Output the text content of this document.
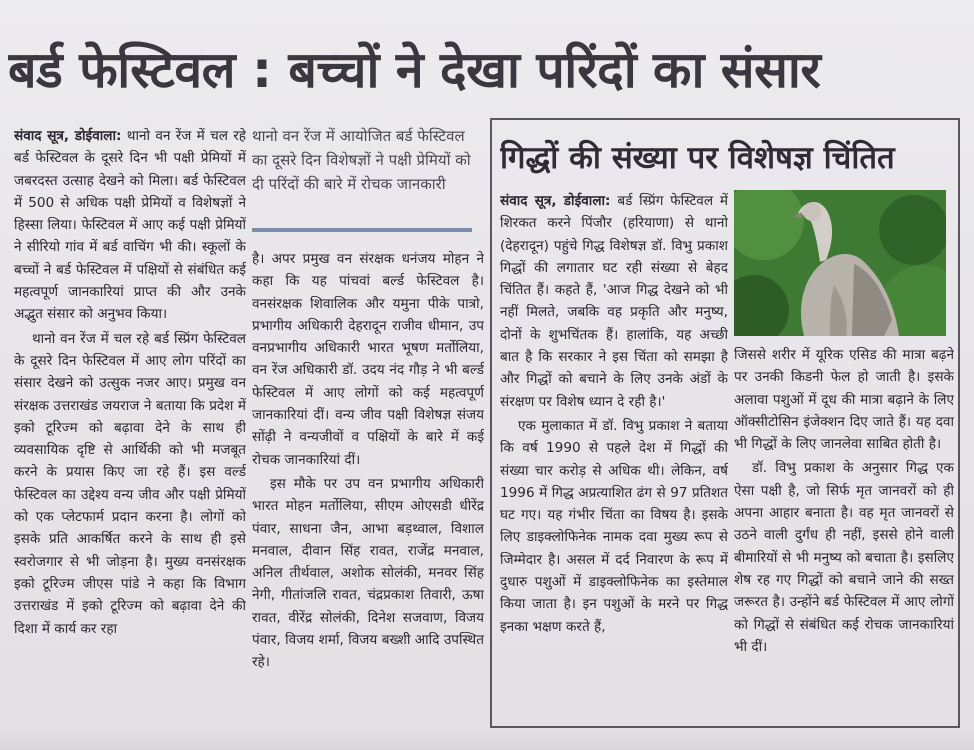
बर्ड फेस्टिवल : बच्चों ने देखा परिंदों का संसार

संवाद सूत्र, डोईवाला: थानो वन रेंज में चल रहे बर्ड फेस्टिवल के दूसरे दिन भी पक्षी प्रेमियों में जबरदस्त उत्साह देखने को मिला। बर्ड फेस्टिवल में 500 से अधिक पक्षी प्रेमियों व विशेषज्ञों ने हिस्सा लिया। फेस्टिवल में आए कई पक्षी प्रेमियों ने सीरियो गांव में बर्ड वाचिंग भी की। स्कूलों के बच्चों ने बर्ड फेस्टिवल में पक्षियों से संबंधित कई महत्वपूर्ण जानकारियां प्राप्त की और उनके अद्भुत संसार को अनुभव किया।

थानो वन रेंज में चल रहे बर्ड स्प्रिंग फेस्टिवल के दूसरे दिन फेस्टिवल में आए लोग परिंदों का संसार देखने को उत्सुक नजर आए। प्रमुख वन संरक्षक उत्तराखंड जयराज ने बताया कि प्रदेश में इको टूरिज्म को बढ़ावा देने के साथ ही व्यवसायिक दृष्टि से आर्थिकी को भी मजबूत करने के प्रयास किए जा रहे हैं। इस वर्ल्ड फेस्टिवल का उद्देश्य वन्य जीव और पक्षी प्रेमियों को एक प्लेटफार्म प्रदान करना है। लोगों को इसके प्रति आकर्षित करने के साथ ही इसे स्वरोजगार से भी जोड़ना है। मुख्य वनसंरक्षक इको टूरिज्म जीएस पांडे ने कहा कि विभाग उत्तराखंड में इको टूरिज्म को बढ़ावा देने की दिशा में कार्य कर रहा

थानो वन रेंज में आयोजित बर्ड फेस्टिवल का दूसरे दिन विशेषज्ञों ने पक्षी प्रेमियों को दी परिंदों की बारे में रोचक जानकारी

है। अपर प्रमुख वन संरक्षक धनंजय मोहन ने कहा कि यह पांचवां बर्ल्ड फेस्टिवल है। वनसंरक्षक शिवालिक और यमुना पीके पात्रो, प्रभागीय अधिकारी देहरादून राजीव धीमान, उप वनप्रभागीय अधिकारी भारत भूषण मर्तोलिया, वन रेंज अधिकारी डॉ. उदय नंद गौड़ ने भी बर्ल्ड फेस्टिवल में आए लोगों को कई महत्वपूर्ण जानकारियां दीं। वन्य जीव पक्षी विशेषज्ञ संजय सोंढ़ी ने वन्यजीवों व पक्षियों के बारे में कई रोचक जानकारियां दीं।

इस मौके पर उप वन प्रभागीय अधिकारी भारत मोहन मर्तोलिया, सीएम ओएसडी धीरेंद्र पंवार, साधना जैन, आभा बड़थ्वाल, विशाल मनवाल, दीवान सिंह रावत, राजेंद्र मनवाल, अनिल तीर्थवाल, अशोक सोलंकी, मनवर सिंह नेगी, गीतांजलि रावत, चंद्रप्रकाश तिवारी, ऊषा रावत, वीरेंद्र सोलंकी, दिनेश सजवाण, विजय पंवार, विजय शर्मा, विजय बख्शी आदि उपस्थित रहे।

गिद्धों की संख्या पर विशेषज्ञ चिंतित

संवाद सूत्र, डोईवाला: बर्ड स्प्रिंग फेस्टिवल में शिरकत करने पिंजौर (हरियाणा) से थानो (देहरादून) पहुंचे गिद्ध विशेषज्ञ डॉ. विभु प्रकाश गिद्धों की लगातार घट रही संख्या से बेहद चिंतित हैं। कहते हैं, 'आज गिद्ध देखने को भी नहीं मिलते, जबकि वह प्रकृति और मनुष्य, दोनों के शुभचिंतक हैं। हालांकि, यह अच्छी बात है कि सरकार ने इस चिंता को समझा है और गिद्धों को बचाने के लिए उनके अंडों के संरक्षण पर विशेष ध्यान दे रही है।'

एक मुलाकात में डॉ. विभु प्रकाश ने बताया कि वर्ष 1990 से पहले देश में गिद्धों की संख्या चार करोड़ से अधिक थी। लेकिन, वर्ष 1996 में गिद्ध अप्रत्याशित ढंग से 97 प्रतिशत घट गए। यह गंभीर चिंता का विषय है। इसके लिए डाइक्लोफिनेक नामक दवा मुख्य रूप से जिम्मेदार है। असल में दर्द निवारण के रूप में दुधारु पशुओं में डाइक्लोफिनेक का इस्तेमाल किया जाता है। इन पशुओं के मरने पर गिद्ध इनका भक्षण करते हैं,

जिससे शरीर में यूरिक एसिड की मात्रा बढ़ने पर उनकी किडनी फेल हो जाती है। इसके अलावा पशुओं में दूध की मात्रा बढ़ाने के लिए ऑक्सीटोसिन इंजेक्शन दिए जाते हैं। यह दवा भी गिद्धों के लिए जानलेवा साबित होती है।

डॉ. विभु प्रकाश के अनुसार गिद्ध एक ऐसा पक्षी है, जो सिर्फ मृत जानवरों को ही अपना आहार बनाता है। वह मृत जानवरों से उठने वाली दुर्गंध ही नहीं, इससे होने वाली बीमारियों से भी मनुष्य को बचाता है। इसलिए शेष रह गए गिद्धों को बचाने जाने की सख्त जरूरत है। उन्होंने बर्ड फेस्टिवल में आए लोगों को गिद्धों से संबंधित कई रोचक जानकारियां भी दीं।
